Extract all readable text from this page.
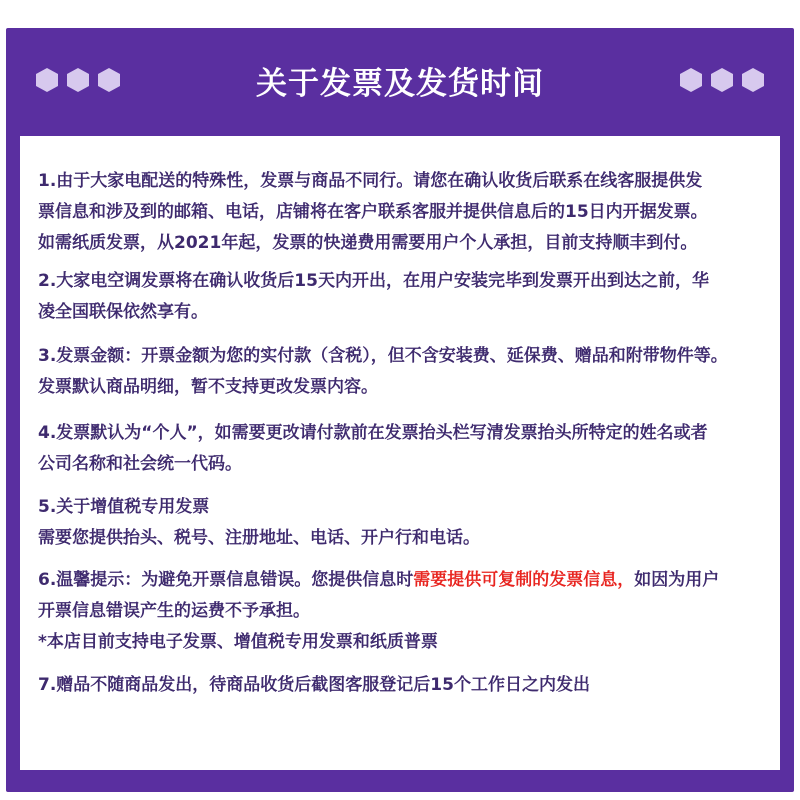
关于发票及发货时间
1.由于大家电配送的特殊性，发票与商品不同行。请您在确认收货后联系在线客服提供发
票信息和涉及到的邮箱、电话，店铺将在客户联系客服并提供信息后的15日内开据发票。
如需纸质发票，从2021年起，发票的快递费用需要用户个人承担，目前支持顺丰到付。
2.大家电空调发票将在确认收货后15天内开出，在用户安装完毕到发票开出到达之前，华
凌全国联保依然享有。
3.发票金额：开票金额为您的实付款（含税），但不含安装费、延保费、赠品和附带物件等。
发票默认商品明细，暂不支持更改发票内容。
4.发票默认为“个人”，如需要更改请付款前在发票抬头栏写清发票抬头所特定的姓名或者
公司名称和社会统一代码。
5.关于增值税专用发票
需要您提供抬头、税号、注册地址、电话、开户行和电话。
6.温馨提示：为避免开票信息错误。您提供信息时需要提供可复制的发票信息，如因为用户
开票信息错误产生的运费不予承担。
*本店目前支持电子发票、增值税专用发票和纸质普票
7.赠品不随商品发出，待商品收货后截图客服登记后15个工作日之内发出
